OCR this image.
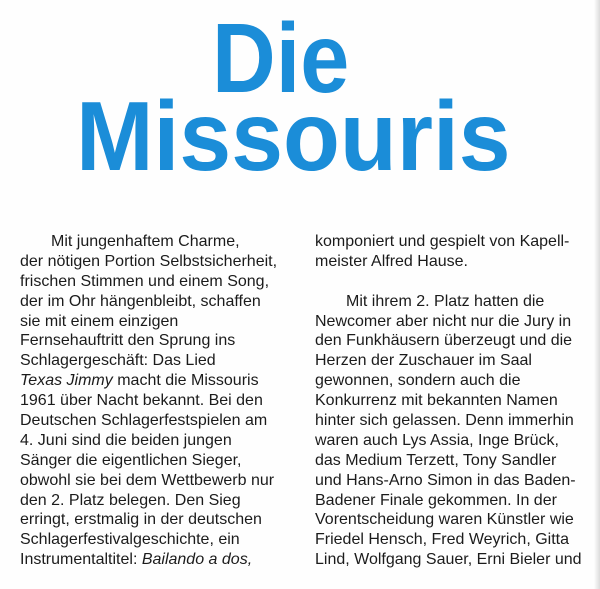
Die
Missouris
Mit jungenhaftem Charme,
der nötigen Portion Selbstsicherheit,
frischen Stimmen und einem Song,
der im Ohr hängenbleibt, schaffen
sie mit einem einzigen
Fernsehauftritt den Sprung ins
Schlagergeschäft: Das Lied
Texas Jimmy macht die Missouris
1961 über Nacht bekannt. Bei den
Deutschen Schlagerfestspielen am
4. Juni sind die beiden jungen
Sänger die eigentlichen Sieger,
obwohl sie bei dem Wettbewerb nur
den 2. Platz belegen. Den Sieg
erringt, erstmalig in der deutschen
Schlagerfestivalgeschichte, ein
Instrumentaltitel: Bailando a dos,
komponiert und gespielt von Kapell-
meister Alfred Hause.
Mit ihrem 2. Platz hatten die
Newcomer aber nicht nur die Jury in
den Funkhäusern überzeugt und die
Herzen der Zuschauer im Saal
gewonnen, sondern auch die
Konkurrenz mit bekannten Namen
hinter sich gelassen. Denn immerhin
waren auch Lys Assia, Inge Brück,
das Medium Terzett, Tony Sandler
und Hans-Arno Simon in das Baden-
Badener Finale gekommen. In der
Vorentscheidung waren Künstler wie
Friedel Hensch, Fred Weyrich, Gitta
Lind, Wolfgang Sauer, Erni Bieler und
